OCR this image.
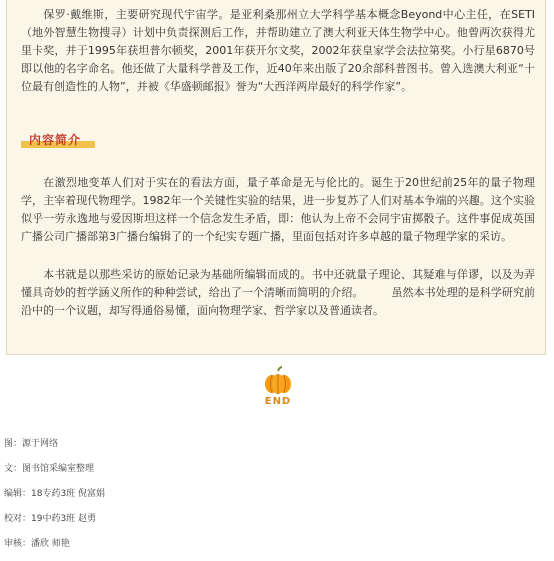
保罗·戴维斯，主要研究现代宇宙学。是亚利桑那州立大学科学基本概念Beyond中心主任，在SETI（地外智慧生物搜寻）计划中负责探测后工作，并帮助建立了澳大利亚天体生物学中心。他曾两次获得尤里卡奖，并于1995年获坦普尔顿奖，2001年获开尔文奖，2002年获皇家学会法拉第奖。小行星6870号即以他的名字命名。他还做了大量科学普及工作，近40年来出版了20余部科普图书。曾入选澳大利亚“十位最有创造性的人物”，并被《华盛顿邮报》誉为“大西洋两岸最好的科学作家”。

内容简介

在激烈地变革人们对于实在的看法方面，量子革命是无与伦比的。诞生于20世纪前25年的量子物理学，主宰着现代物理学。1982年一个关键性实验的结果，进一步复苏了人们对基本争端的兴趣。这个实验似乎一劳永逸地与爱因斯坦这样一个信念发生矛盾，即：他认为上帝不会同宇宙掷骰子。这件事促成英国广播公司广播部第3广播台编辑了的一个纪实专题广播，里面包括对许多卓越的量子物理学家的采访。

本书就是以那些采访的原始记录为基础所编辑而成的。书中还就量子理论、其疑难与佯谬，以及为弄懂具奇妙的哲学涵义所作的种种尝试，给出了一个清晰而简明的介绍。	虽然本书处理的是科学研究前沿中的一个议题，却写得通俗易懂，面向物理学家、哲学家以及普通读者。

END
图：源于网络
文：图书馆采编室整理
编辑：18专药3班 倪富娟
校对：19中药3班 赵勇
审核：潘欣 师艳
